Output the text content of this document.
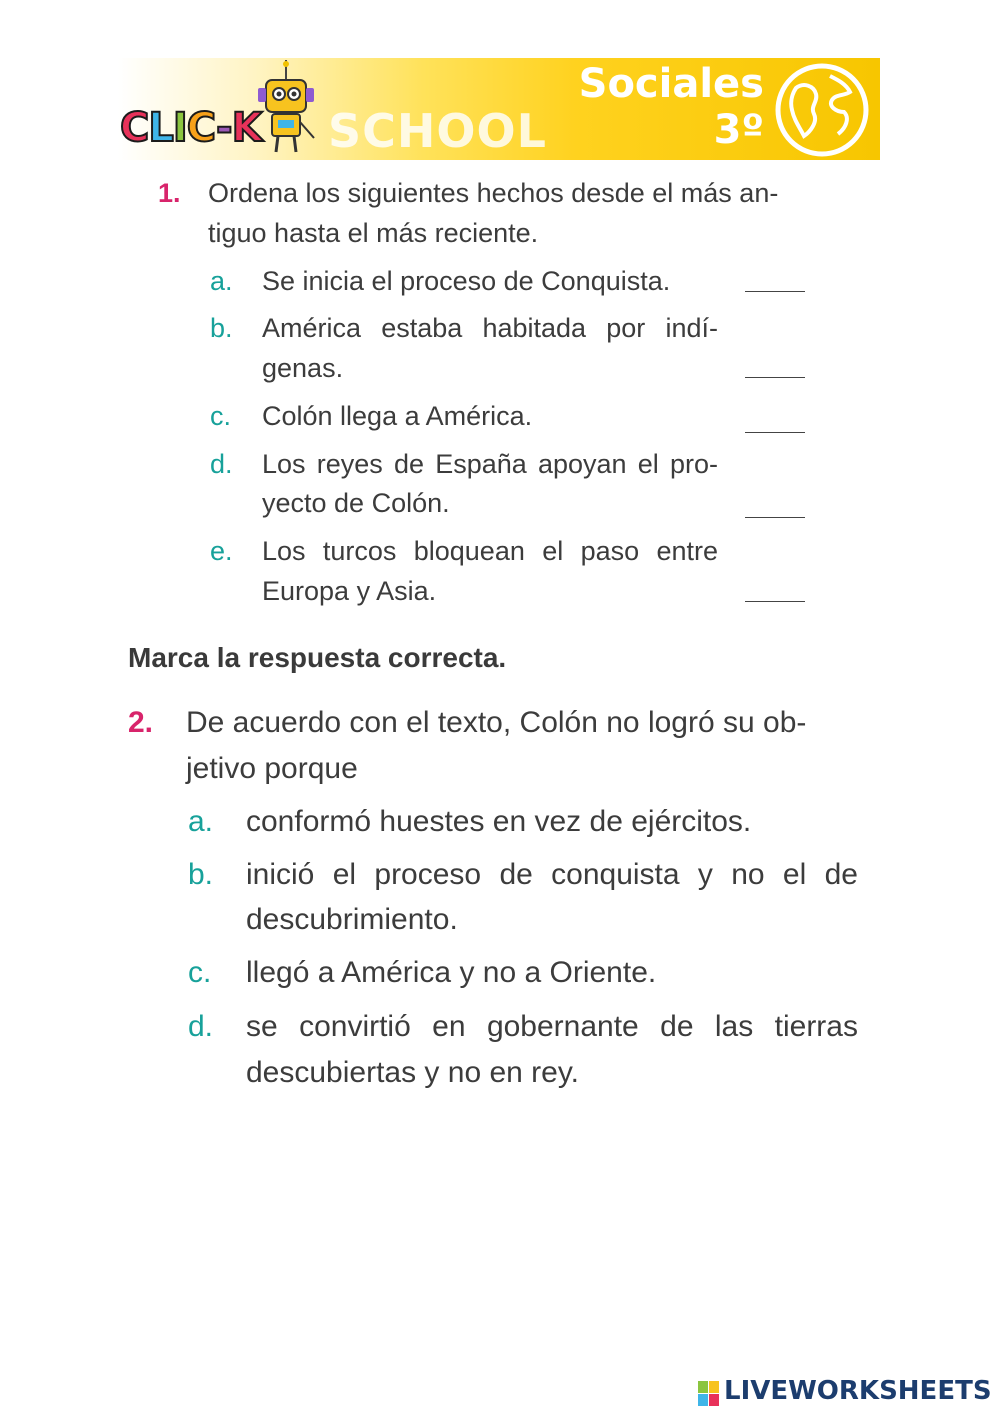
CLIC-K SCHOOL
Sociales
3º
1. Ordena los siguientes hechos desde el más an-
tiguo hasta el más reciente.
a. Se inicia el proceso de Conquista.
b. América estaba habitada por indí-
genas.
c. Colón llega a América.
d. Los reyes de España apoyan el pro-
yecto de Colón.
e. Los turcos bloquean el paso entre
Europa y Asia.
Marca la respuesta correcta.
2. De acuerdo con el texto, Colón no logró su ob-
jetivo porque
a. conformó huestes en vez de ejércitos.
b. inició el proceso de conquista y no el de
descubrimiento.
c. llegó a América y no a Oriente.
d. se convirtió en gobernante de las tierras
descubiertas y no en rey.
LIVEWORKSHEETS
